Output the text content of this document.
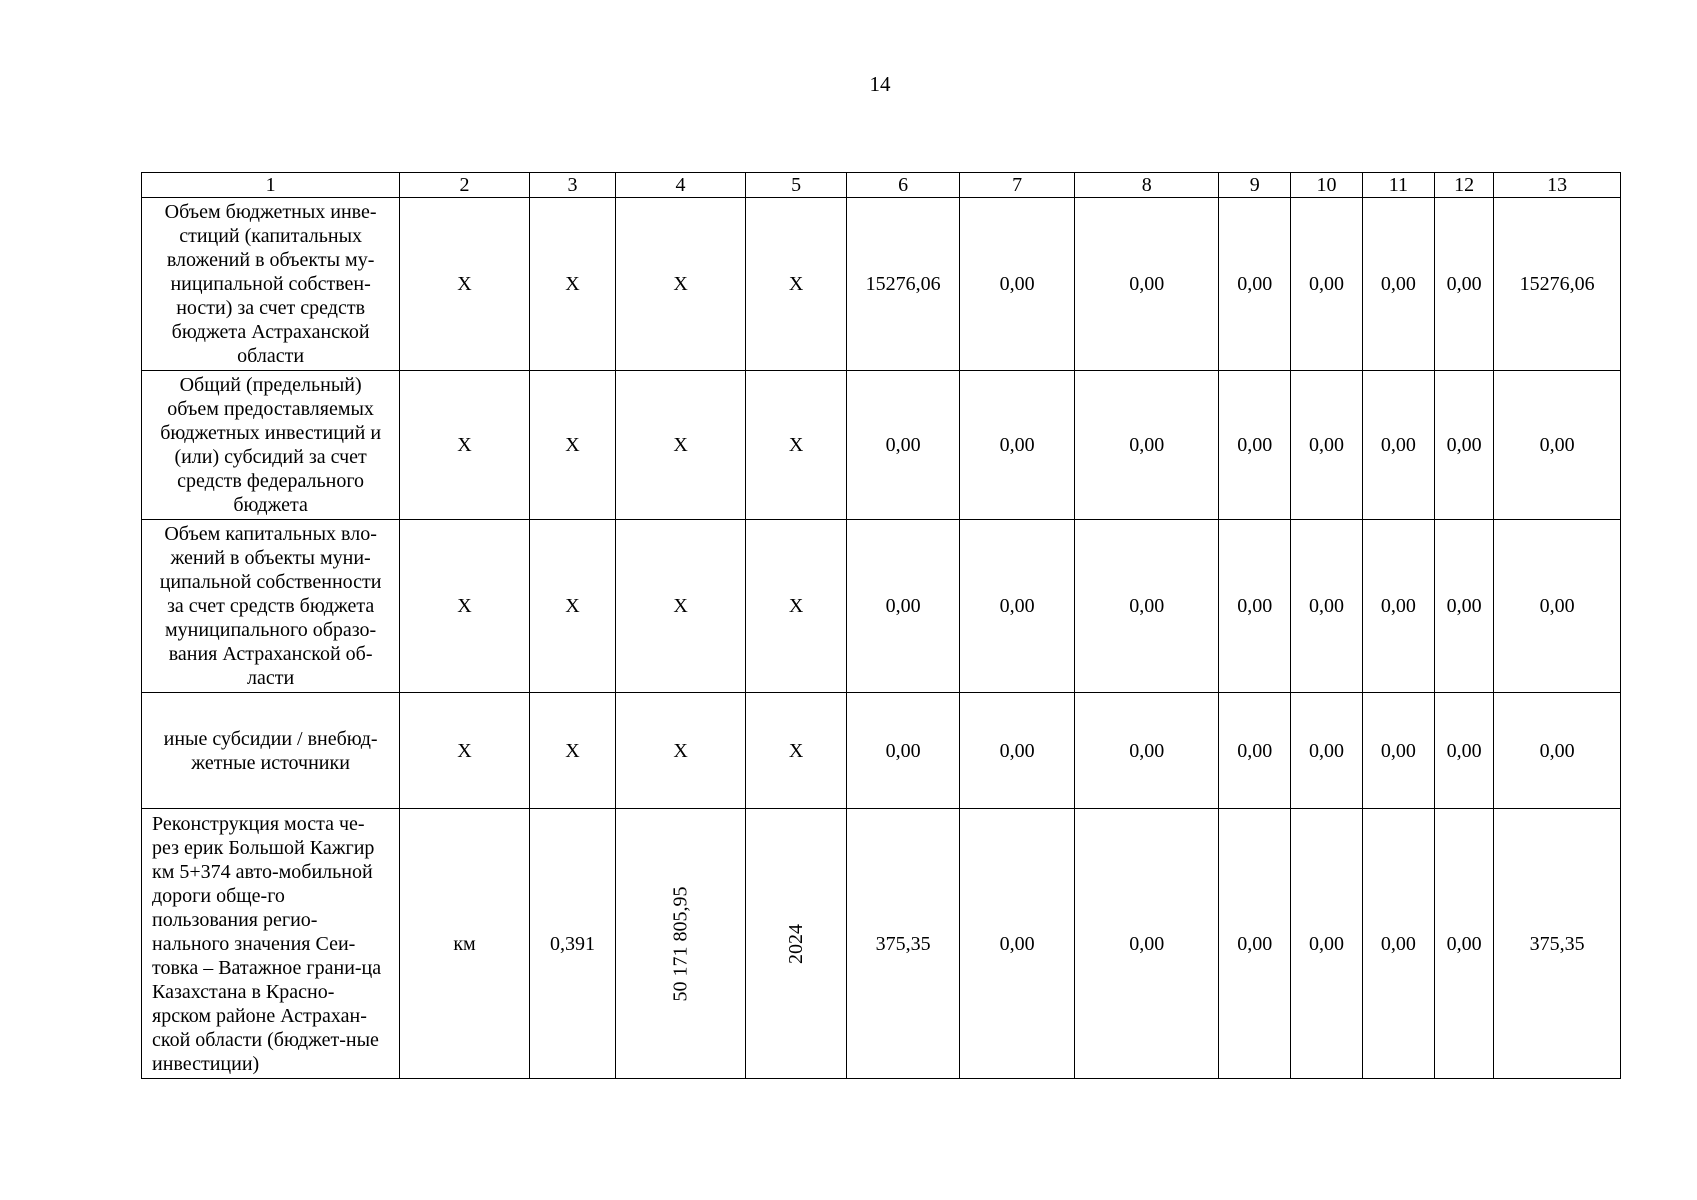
14
1	2	3	4	5	6	7	8	9	10	11	12	13
Объем бюджетных инве-стиций (капитальных вложений в объекты му-ниципальной собствен-ности) за счет средств бюджета Астраханской области	X	X	X	X	15276,06	0,00	0,00	0,00	0,00	0,00	0,00	15276,06
Общий (предельный) объем предоставляемых бюджетных инвестиций и (или) субсидий за счет средств федерального бюджета	X	X	X	X	0,00	0,00	0,00	0,00	0,00	0,00	0,00	0,00
Объем капитальных вло-жений в объекты муни-ципальной собственности за счет средств бюджета муниципального образо-вания Астраханской об-ласти	X	X	X	X	0,00	0,00	0,00	0,00	0,00	0,00	0,00	0,00
иные субсидии / внебюд-жетные источники	X	X	X	X	0,00	0,00	0,00	0,00	0,00	0,00	0,00	0,00
Реконструкция моста че-рез ерик Большой Кажгир км 5+374 авто-мобильной дороги обще-го пользования регио-нального значения Сеи-товка – Ватажное грани-ца Казахстана в Красно-ярском районе Астрахан-ской области (бюджет-ные инвестиции)	км	0,391	50 171 805,95	2024	375,35	0,00	0,00	0,00	0,00	0,00	0,00	375,35
